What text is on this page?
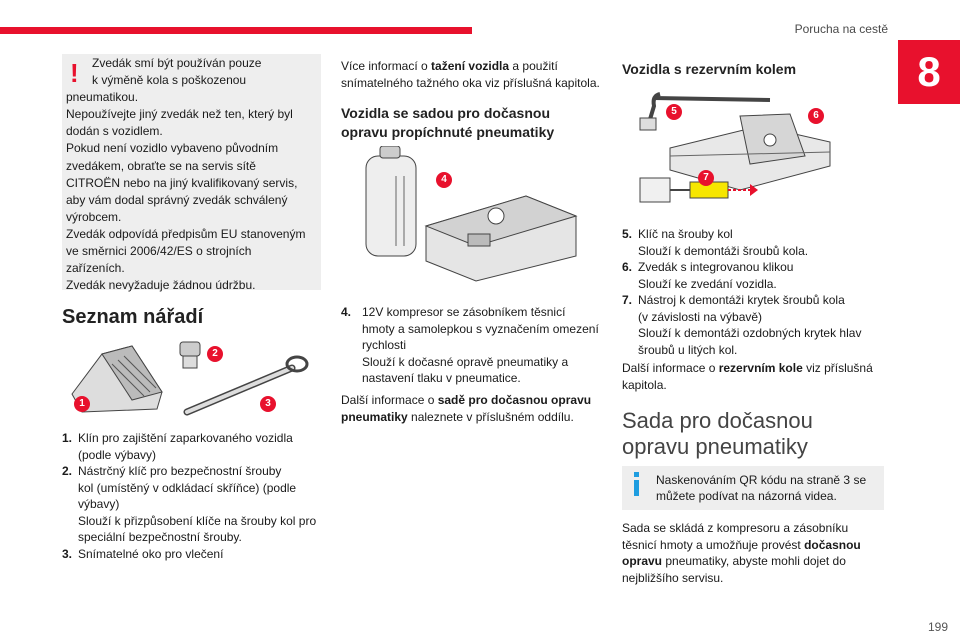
Porucha na cestě
8
!	Zvedák smí být používán pouze
k výměně kola s poškozenou
pneumatikou.
Nepoužívejte jiný zvedák než ten, který byl
dodán s vozidlem.
Pokud není vozidlo vybaveno původním
zvedákem, obraťte se na servis sítě
CITROËN nebo na jiný kvalifikovaný servis,
aby vám dodal správný zvedák schválený
výrobcem.
Zvedák odpovídá předpisům EU stanoveným
ve směrnici 2006/42/ES o strojních
zařízeních.
Zvedák nevyžaduje žádnou údržbu.
Seznam nářadí
1
2
3
1. Klín pro zajištění zaparkovaného vozidla
(podle výbavy)
2. Nástrčný klíč pro bezpečnostní šrouby
kol (umístěný v odkládací skříňce) (podle
výbavy)
Slouží k přizpůsobení klíče na šrouby kol pro
speciální bezpečnostní šrouby.
3. Snímatelné oko pro vlečení
Více informací o tažení vozidla a použití
snímatelného tažného oka viz příslušná kapitola.
Vozidla se sadou pro dočasnou
opravu propíchnuté pneumatiky
4
4. 12V kompresor se zásobníkem těsnicí
hmoty a samolepkou s vyznačením omezení
rychlosti
Slouží k dočasné opravě pneumatiky a
nastavení tlaku v pneumatice.
Další informace o sadě pro dočasnou opravu
pneumatiky naleznete v příslušném oddílu.
Vozidla s rezervním kolem
5	6
7
5. Klíč na šrouby kol
Slouží k demontáži šroubů kola.
6. Zvedák s integrovanou klikou
Slouží ke zvedání vozidla.
7. Nástroj k demontáži krytek šroubů kola
(v závislosti na výbavě)
Slouží k demontáži ozdobných krytek hlav
šroubů u litých kol.
Další informace o rezervním kole viz příslušná
kapitola.
Sada pro dočasnou
opravu pneumatiky
Naskenováním QR kódu na straně 3 se
můžete podívat na názorná videa.
Sada se skládá z kompresoru a zásobníku
těsnicí hmoty a umožňuje provést dočasnou
opravu pneumatiky, abyste mohli dojet do
nejbližšího servisu.
199
